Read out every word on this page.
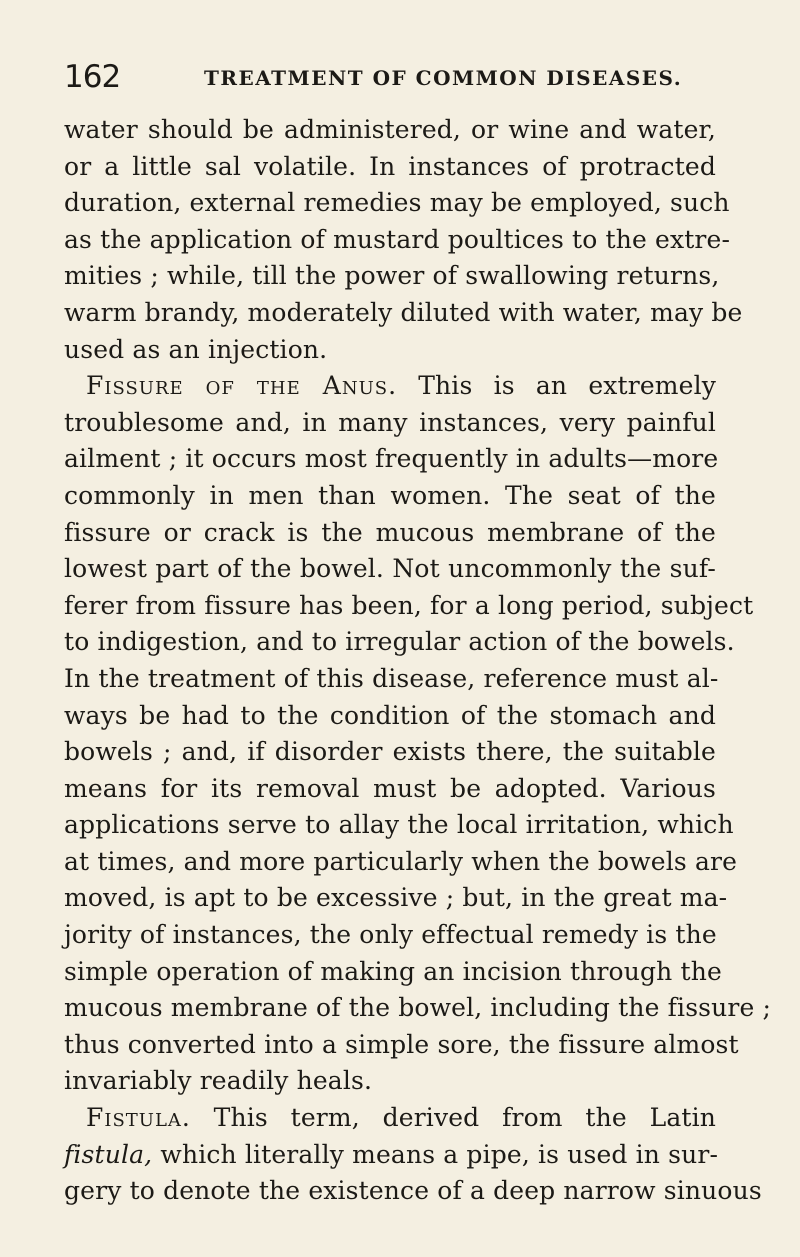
162	TREATMENT OF COMMON DISEASES.
water should be administered, or wine and water,
or a little sal volatile. In instances of protracted
duration, external remedies may be employed, such
as the application of mustard poultices to the extre-
mities ; while, till the power of swallowing returns,
warm brandy, moderately diluted with water, may be
used as an injection.
Fissure of the Anus. This is an extremely
troublesome and, in many instances, very painful
ailment ; it occurs most frequently in adults—more
commonly in men than women. The seat of the
fissure or crack is the mucous membrane of the
lowest part of the bowel. Not uncommonly the suf-
ferer from fissure has been, for a long period, subject
to indigestion, and to irregular action of the bowels.
In the treatment of this disease, reference must al-
ways be had to the condition of the stomach and
bowels ; and, if disorder exists there, the suitable
means for its removal must be adopted. Various
applications serve to allay the local irritation, which
at times, and more particularly when the bowels are
moved, is apt to be excessive ; but, in the great ma-
jority of instances, the only effectual remedy is the
simple operation of making an incision through the
mucous membrane of the bowel, including the fissure ;
thus converted into a simple sore, the fissure almost
invariably readily heals.
Fistula. This term, derived from the Latin
fistula, which literally means a pipe, is used in sur-
gery to denote the existence of a deep narrow sinuous
